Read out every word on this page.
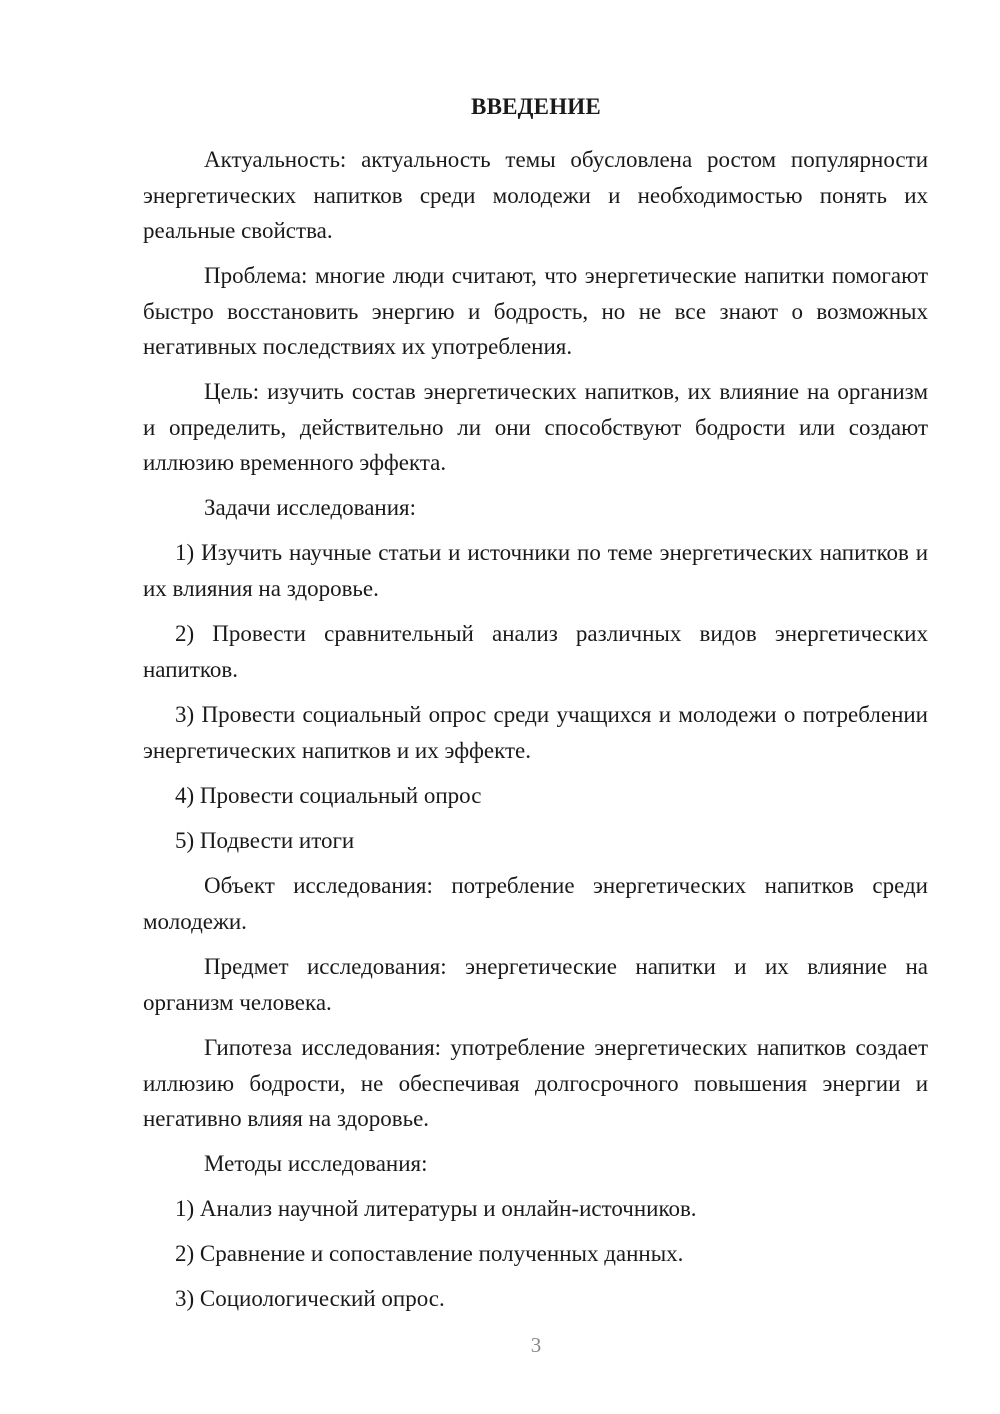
ВВЕДЕНИЕ

Актуальность: актуальность темы обусловлена ростом популярности энергетических напитков среди молодежи и необходимостью понять их реальные свойства.

Проблема: многие люди считают, что энергетические напитки помогают быстро восстановить энергию и бодрость, но не все знают о возможных негативных последствиях их употребления.

Цель: изучить состав энергетических напитков, их влияние на организм и определить, действительно ли они способствуют бодрости или создают иллюзию временного эффекта.

Задачи исследования:

1) Изучить научные статьи и источники по теме энергетических напитков и их влияния на здоровье.

2) Провести сравнительный анализ различных видов энергетических напитков.

3) Провести социальный опрос среди учащихся и молодежи о потреблении энергетических напитков и их эффекте.

4) Провести социальный опрос

5) Подвести итоги

Объект исследования: потребление энергетических напитков среди молодежи.

Предмет исследования: энергетические напитки и их влияние на организм человека.

Гипотеза исследования: употребление энергетических напитков создает иллюзию бодрости, не обеспечивая долгосрочного повышения энергии и негативно влияя на здоровье.

Методы исследования:

1) Анализ научной литературы и онлайн-источников.

2) Сравнение и сопоставление полученных данных.

3) Социологический опрос.

3
